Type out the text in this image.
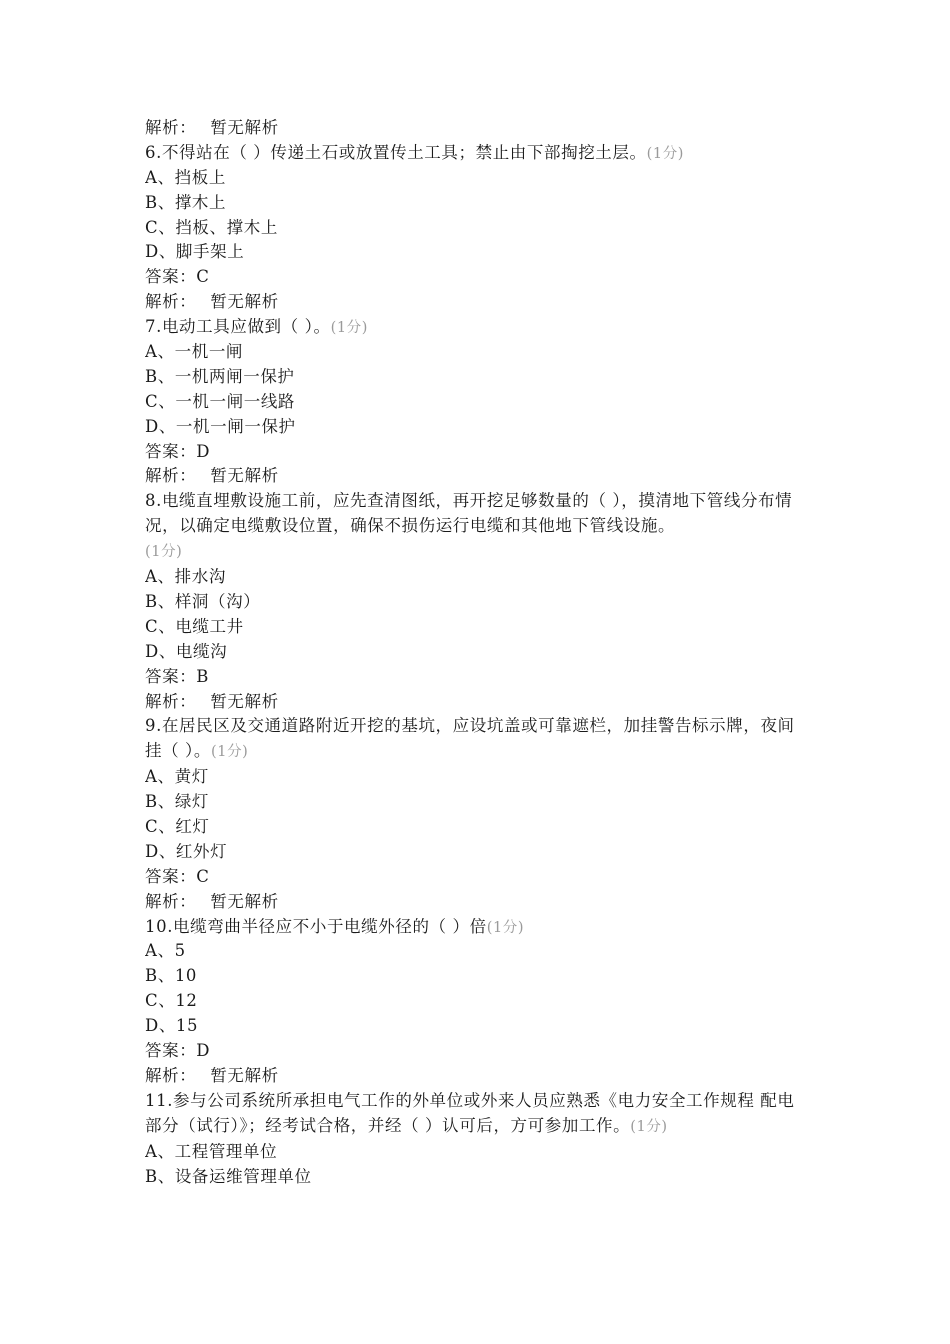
解析： 暂无解析
6.不得站在（ ）传递土石或放置传土工具；禁止由下部掏挖土层。(1分)
A、挡板上
B、撑木上
C、挡板、撑木上
D、脚手架上
答案：C
解析： 暂无解析
7.电动工具应做到（ ）。(1分)
A、一机一闸
B、一机两闸一保护
C、一机一闸一线路
D、一机一闸一保护
答案：D
解析： 暂无解析
8.电缆直埋敷设施工前，应先查清图纸，再开挖足够数量的（ ），摸清地下管线分布情况，以确定电缆敷设位置，确保不损伤运行电缆和其他地下管线设施。
(1分)
A、排水沟
B、样洞（沟）
C、电缆工井
D、电缆沟
答案：B
解析： 暂无解析
9.在居民区及交通道路附近开挖的基坑，应设坑盖或可靠遮栏，加挂警告标示牌，夜间挂（ ）。(1分)
A、黄灯
B、绿灯
C、红灯
D、红外灯
答案：C
解析： 暂无解析
10.电缆弯曲半径应不小于电缆外径的（ ）倍(1分)
A、5
B、10
C、12
D、15
答案：D
解析： 暂无解析
11.参与公司系统所承担电气工作的外单位或外来人员应熟悉《电力安全工作规程 配电部分（试行）》；经考试合格，并经（ ）认可后，方可参加工作。(1分)
A、工程管理单位
B、设备运维管理单位
